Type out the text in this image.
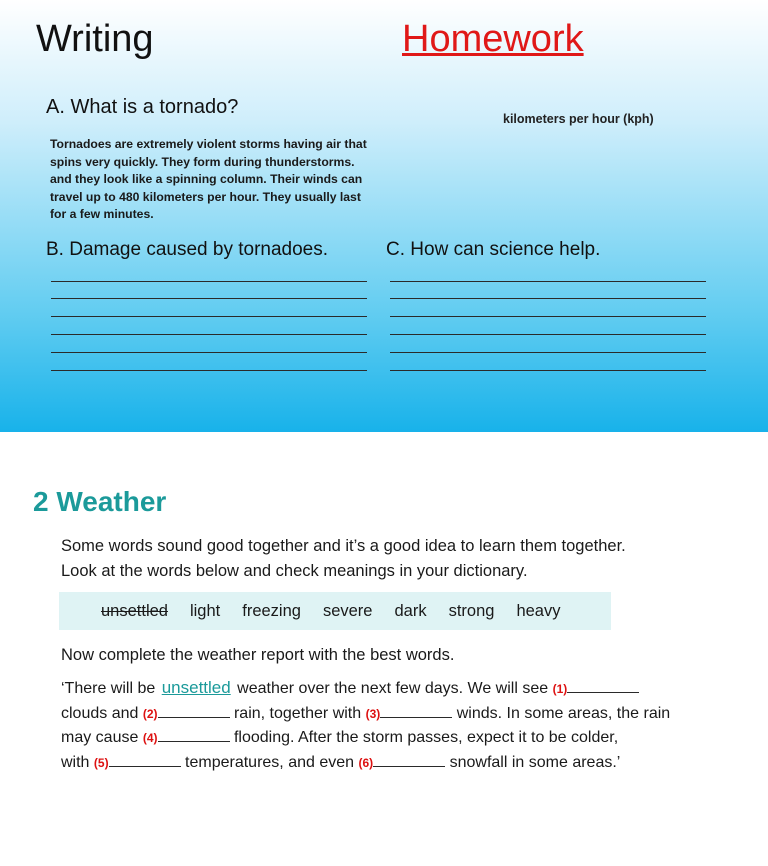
Writing	Homework
A. What is a tornado?
kilometers per hour (kph)
Tornadoes are extremely violent storms having air that
spins very quickly. They form during thunderstorms.
and they look like a spinning column. Their winds can
travel up to 480 kilometers per hour. They usually last
for a few minutes.
B. Damage caused by tornadoes.	C. How can science help.
2 Weather
Some words sound good together and it’s a good idea to learn them together.
Look at the words below and check meanings in your dictionary.
unsettled light freezing severe dark strong heavy
Now complete the weather report with the best words.
‘There will be unsettled weather over the next few days. We will see (1)
clouds and (2)	rain, together with (3)	winds. In some areas, the rain
may cause (4)	flooding. After the storm passes, expect it to be colder,
with (5)	temperatures, and even (6)	snowfall in some areas.’
